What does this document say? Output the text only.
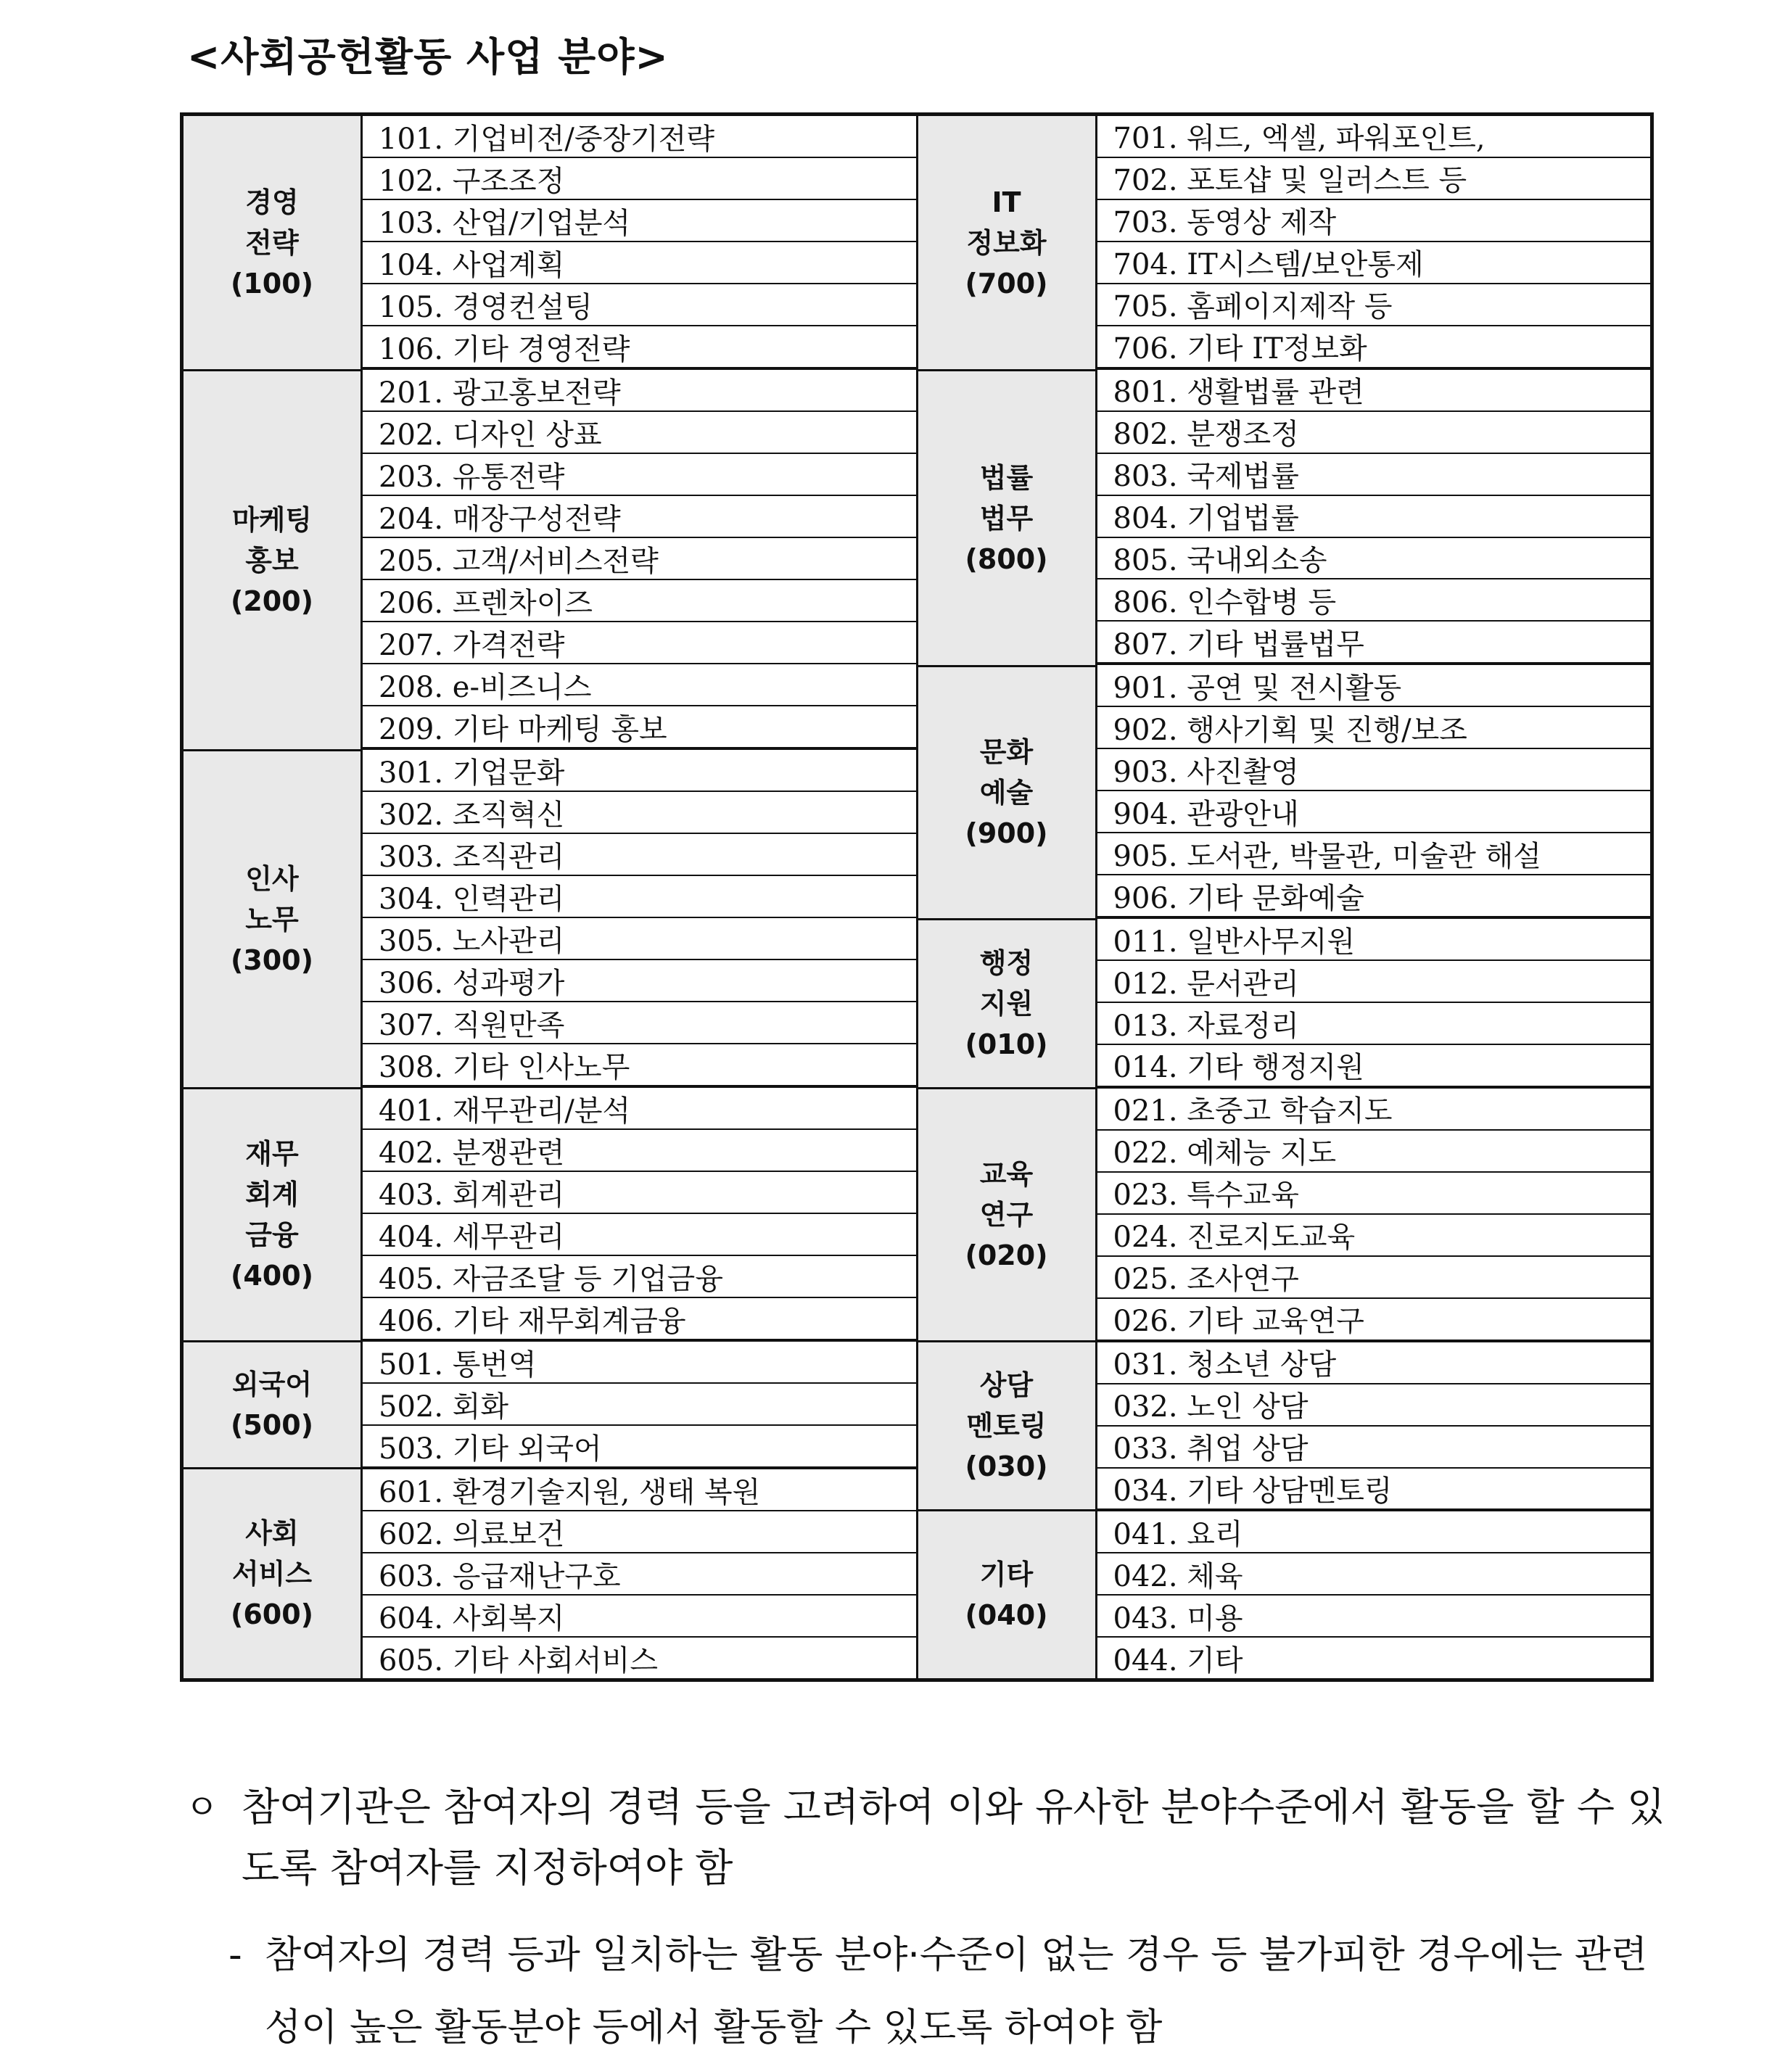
<사회공헌활동 사업 분야>
경영
전략
(100)
마케팅
홍보
(200)
인사
노무
(300)
재무
회계
금융
(400)
외국어
(500)
사회
서비스
(600)
101. 기업비전/중장기전략
102. 구조조정
103. 산업/기업분석
104. 사업계획
105. 경영컨설팅
106. 기타 경영전략
201. 광고홍보전략
202. 디자인 상표
203. 유통전략
204. 매장구성전략
205. 고객/서비스전략
206. 프렌차이즈
207. 가격전략
208. e-비즈니스
209. 기타 마케팅 홍보
301. 기업문화
302. 조직혁신
303. 조직관리
304. 인력관리
305. 노사관리
306. 성과평가
307. 직원만족
308. 기타 인사노무
401. 재무관리/분석
402. 분쟁관련
403. 회계관리
404. 세무관리
405. 자금조달 등 기업금융
406. 기타 재무회계금융
501. 통번역
502. 회화
503. 기타 외국어
601. 환경기술지원, 생태 복원
602. 의료보건
603. 응급재난구호
604. 사회복지
605. 기타 사회서비스
IT
정보화
(700)
법률
법무
(800)
문화
예술
(900)
행정
지원
(010)
교육
연구
(020)
상담
멘토링
(030)
기타
(040)
701. 워드, 엑셀, 파워포인트,
702. 포토샵 및 일러스트 등
703. 동영상 제작
704. IT시스템/보안통제
705. 홈페이지제작 등
706. 기타 IT정보화
801. 생활법률 관련
802. 분쟁조정
803. 국제법률
804. 기업법률
805. 국내외소송
806. 인수합병 등
807. 기타 법률법무
901. 공연 및 전시활동
902. 행사기획 및 진행/보조
903. 사진촬영
904. 관광안내
905. 도서관, 박물관, 미술관 해설
906. 기타 문화예술
011. 일반사무지원
012. 문서관리
013. 자료정리
014. 기타 행정지원
021. 초중고 학습지도
022. 예체능 지도
023. 특수교육
024. 진로지도교육
025. 조사연구
026. 기타 교육연구
031. 청소년 상담
032. 노인 상담
033. 취업 상담
034. 기타 상담멘토링
041. 요리
042. 체육
043. 미용
044. 기타
ㅇ 참여기관은 참여자의 경력 등을 고려하여 이와 유사한 분야수준에서 활동을 할 수 있도록 참여자를 지정하여야 함
- 참여자의 경력 등과 일치하는 활동 분야·수준이 없는 경우 등 불가피한 경우에는 관련성이 높은 활동분야 등에서 활동할 수 있도록 하여야 함
